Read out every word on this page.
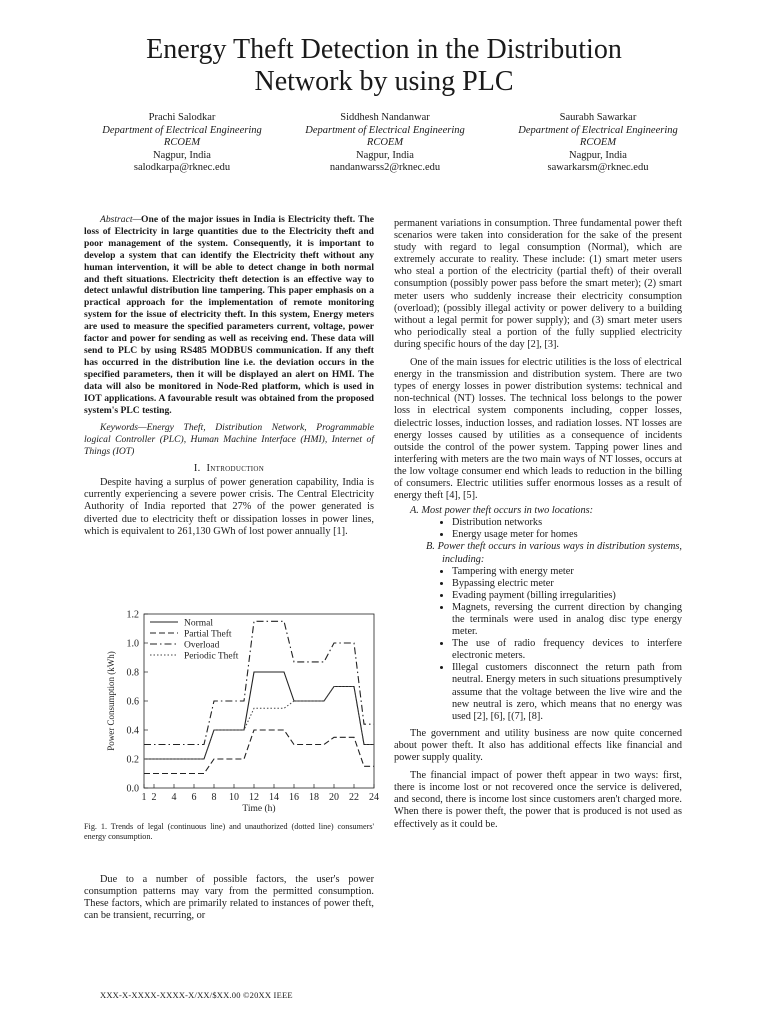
Energy Theft Detection in the Distribution
Network by using PLC
Prachi Salodkar
Department of Electrical Engineering
RCOEM
Nagpur, India
salodkarpa@rknec.edu
Siddhesh Nandanwar
Department of Electrical Engineering
RCOEM
Nagpur, India
nandanwarss2@rknec.edu
Saurabh Sawarkar
Department of Electrical Engineering
RCOEM
Nagpur, India
sawarkarsm@rknec.edu

Abstract—One of the major issues in India is Electricity theft. The loss of Electricity in large quantities due to the Electricity theft and poor management of the system. Consequently, it is important to develop a system that can identify the Electricity theft without any human intervention, it will be able to detect change in both normal and theft situations. Electricity theft detection is an effective way to detect unlawful distribution line tampering. This paper emphasis on a practical approach for the implementation of remote monitoring system for the issue of electricity theft. In this system, Energy meters are used to measure the specified parameters current, voltage, power factor and power for sending as well as receiving end. These data will send to PLC by using RS485 MODBUS communication. If any theft has occurred in the distribution line i.e. the deviation occurs in the specified parameters, then it will be displayed an alert on HMI. The data will also be monitored in Node-Red platform, which is used in IOT applications. A favourable result was obtained from the proposed system's PLC testing.

Keywords—Energy Theft, Distribution Network, Programmable logical Controller (PLC), Human Machine Interface (HMI), Internet of Things (IOT)

I. Introduction

Despite having a surplus of power generation capability, India is currently experiencing a severe power crisis. The Central Electricity Authority of India reported that 27% of the power generated is diverted due to electricity theft or dissipation losses in power lines, which is equivalent to 261,130 GWh of lost power annually [1].

0.0
0.2
0.4
0.6
0.8
1.0
1.2
1 2 4 6 8 10 12 14 16 18 20 22 24
Time (h)
Power Consumption (kWh)
Normal
Partial Theft
Overload
Periodic Theft

Fig. 1. Trends of legal (continuous line) and unauthorized (dotted line) consumers' energy consumption.

Due to a number of possible factors, the user's power consumption patterns may vary from the permitted consumption. These factors, which are primarily related to instances of power theft, can be transient, recurring, or

permanent variations in consumption. Three fundamental power theft scenarios were taken into consideration for the sake of the present study with regard to legal consumption (Normal), which are extremely accurate to reality. These include: (1) smart meter users who steal a portion of the electricity (partial theft) of their overall consumption (possibly power pass before the smart meter); (2) smart meter users who suddenly increase their electricity consumption (overload); (possibly illegal activity or power delivery to a building without a legal permit for power supply); and (3) smart meter users who periodically steal a portion of the fully supplied electricity during specific hours of the day [2], [3].

One of the main issues for electric utilities is the loss of electrical energy in the transmission and distribution system. There are two types of energy losses in power distribution systems: technical and non-technical (NT) losses. The technical loss belongs to the power loss in electrical system components including, copper losses, dielectric losses, induction losses, and radiation losses. NT losses are energy losses caused by utilities as a consequence of incidents outside the control of the power system. Tapping power lines and interfering with meters are the two main ways of NT losses, occurs at the low voltage consumer end which leads to reduction in the billing of consumers. Electric utilities suffer enormous losses as a result of energy theft [4], [5].

A. Most power theft occurs in two locations:
• Distribution networks
• Energy usage meter for homes
B. Power theft occurs in various ways in distribution systems, including:
• Tampering with energy meter
• Bypassing electric meter
• Evading payment (billing irregularities)
• Magnets, reversing the current direction by changing the terminals were used in analog disc type energy meter.
• The use of radio frequency devices to interfere electronic meters.
• Illegal customers disconnect the return path from neutral. Energy meters in such situations presumptively assume that the voltage between the live wire and the new neutral is zero, which means that no energy was used [2], [6], [(7], [8].

The government and utility business are now quite concerned about power theft. It also has additional effects like financial and power supply quality.

The financial impact of power theft appear in two ways: first, there is income lost or not recovered once the service is delivered, and second, there is income lost since customers aren't charged more. When there is power theft, the power that is produced is not used as effectively as it could be.

XXX-X-XXXX-XXXX-X/XX/$XX.00 ©20XX IEEE
